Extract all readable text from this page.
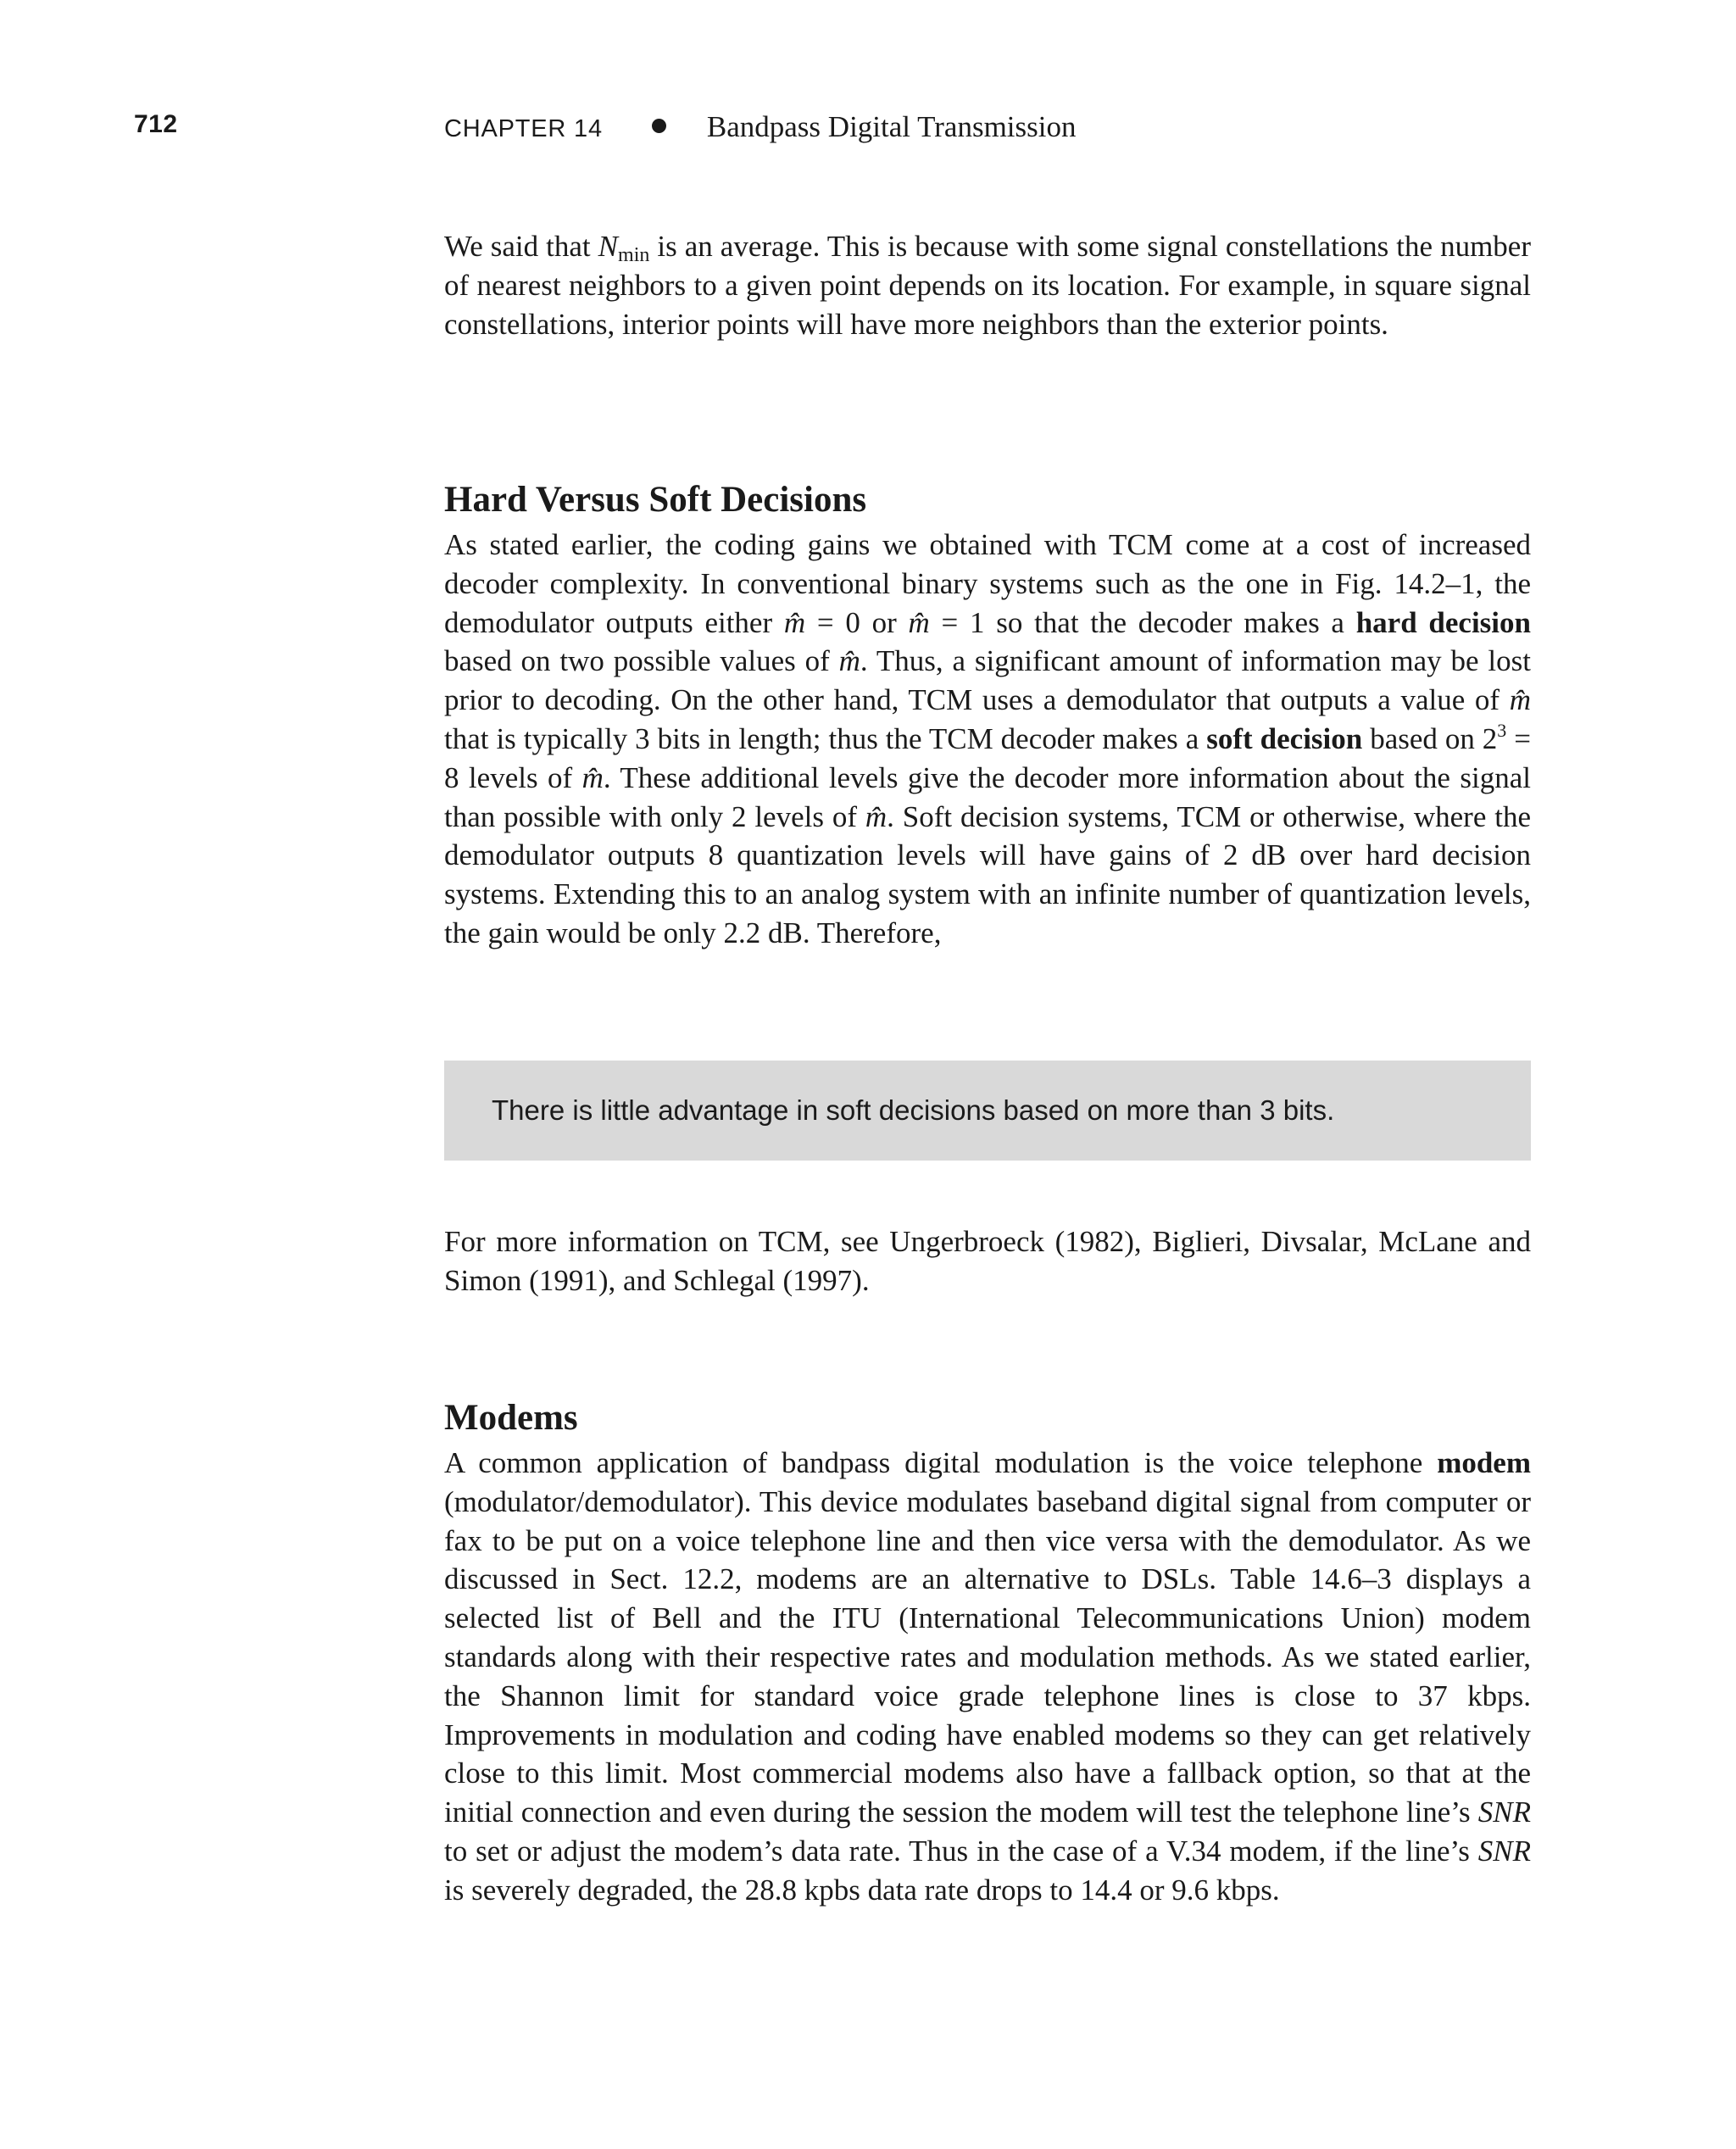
712	CHAPTER 14	Bandpass Digital Transmission

We said that $N_{min}$ is an average. This is because with some signal constellations the number of nearest neighbors to a given point depends on its location. For example, in square signal constellations, interior points will have more neighbors than the exterior points.

Hard Versus Soft Decisions

As stated earlier, the coding gains we obtained with TCM come at a cost of increased decoder complexity. In conventional binary systems such as the one in Fig. 14.2–1, the demodulator outputs either m̂ = 0 or m̂ = 1 so that the decoder makes a hard decision based on two possible values of m̂. Thus, a significant amount of information may be lost prior to decoding. On the other hand, TCM uses a demodulator that outputs a value of m̂ that is typically 3 bits in length; thus the TCM decoder makes a soft decision based on $2^3 = 8$ levels of m̂. These additional levels give the decoder more information about the signal than possible with only 2 levels of m̂. Soft decision systems, TCM or otherwise, where the demodulator outputs 8 quantization levels will have gains of 2 dB over hard decision systems. Extending this to an analog system with an infinite number of quantization levels, the gain would be only 2.2 dB. Therefore,

There is little advantage in soft decisions based on more than 3 bits.

For more information on TCM, see Ungerbroeck (1982), Biglieri, Divsalar, McLane and Simon (1991), and Schlegal (1997).

Modems

A common application of bandpass digital modulation is the voice telephone modem (modulator/demodulator). This device modulates baseband digital signal from computer or fax to be put on a voice telephone line and then vice versa with the demodulator. As we discussed in Sect. 12.2, modems are an alternative to DSLs. Table 14.6–3 displays a selected list of Bell and the ITU (International Telecommunications Union) modem standards along with their respective rates and modulation methods. As we stated earlier, the Shannon limit for standard voice grade telephone lines is close to 37 kbps. Improvements in modulation and coding have enabled modems so they can get relatively close to this limit. Most commercial modems also have a fallback option, so that at the initial connection and even during the session the modem will test the telephone line’s SNR to set or adjust the modem’s data rate. Thus in the case of a V.34 modem, if the line’s SNR is severely degraded, the 28.8 kpbs data rate drops to 14.4 or 9.6 kbps.
